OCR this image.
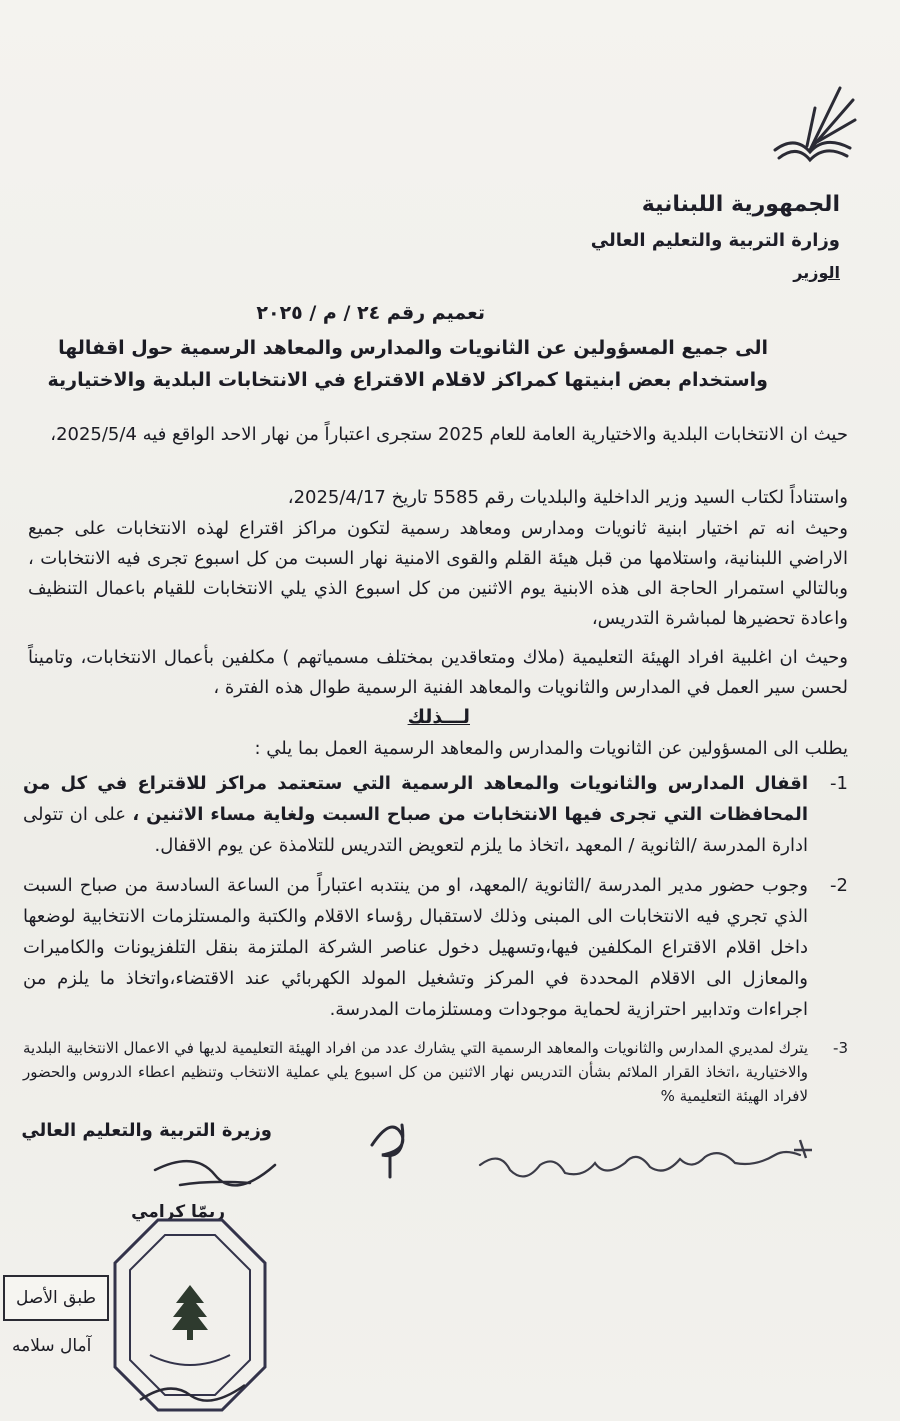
الجمهورية اللبنانية
وزارة التربية والتعليم العالي
الوزير
تعميم رقم ٢٤ / م / ٢٠٢٥
الى جميع المسؤولين عن الثانويات والمدارس والمعاهد الرسمية حول اقفالها
واستخدام بعض ابنيتها كمراكز لاقلام الاقتراع في الانتخابات البلدية والاختيارية
حيث ان الانتخابات البلدية والاختيارية العامة للعام 2025 ستجرى اعتباراً من نهار الاحد الواقع فيه 2025/5/4،
واستناداً لكتاب السيد وزير الداخلية والبلديات رقم 5585 تاريخ 2025/4/17،
وحيث انه تم اختيار ابنية ثانويات ومدارس ومعاهد رسمية لتكون مراكز اقتراع لهذه الانتخابات على جميع الاراضي اللبنانية، واستلامها من قبل هيئة القلم والقوى الامنية نهار السبت من كل اسبوع تجرى فيه الانتخابات ، وبالتالي استمرار الحاجة الى هذه الابنية يوم الاثنين من كل اسبوع الذي يلي الانتخابات للقيام باعمال التنظيف واعادة تحضيرها لمباشرة التدريس،
وحيث ان اغلبية افراد الهيئة التعليمية (ملاك ومتعاقدين بمختلف مسمياتهم ) مكلفين بأعمال الانتخابات، وتاميناً لحسن سير العمل في المدارس والثانويات والمعاهد الفنية الرسمية طوال هذه الفترة ،
لـــذلك
يطلب الى المسؤولين عن الثانويات والمدارس والمعاهد الرسمية العمل بما يلي :
1-
اقفال المدارس والثانويات والمعاهد الرسمية التي ستعتمد مراكز للاقتراع في كل من المحافظات التي تجرى فيها الانتخابات من صباح السبت ولغاية مساء الاثنين ، على ان تتولى ادارة المدرسة /الثانوية / المعهد ،اتخاذ ما يلزم لتعويض التدريس للتلامذة عن يوم الاقفال.
2-
وجوب حضور مدير المدرسة /الثانوية /المعهد، او من ينتدبه اعتباراً من الساعة السادسة من صباح السبت الذي تجري فيه الانتخابات الى المبنى وذلك لاستقبال رؤساء الاقلام والكتبة والمستلزمات الانتخابية لوضعها داخل اقلام الاقتراع المكلفين فيها،وتسهيل دخول عناصر الشركة الملتزمة بنقل التلفزيونات والكاميرات والمعازل الى الاقلام المحددة في المركز وتشغيل المولد الكهربائي عند الاقتضاء،واتخاذ ما يلزم من اجراءات وتدابير احترازية لحماية موجودات ومستلزمات المدرسة.
3-
يترك لمديري المدارس والثانويات والمعاهد الرسمية التي يشارك عدد من افراد الهيئة التعليمية لديها في الاعمال الانتخابية البلدية والاختيارية ،اتخاذ القرار الملائم بشأن التدريس نهار الاثنين من كل اسبوع يلي عملية الانتخاب وتنظيم اعطاء الدروس والحضور لافراد الهيئة التعليمية %
وزيرة التربية والتعليم العالي
ريمّا كرامي
طبق الأصل
آمال سلامه
